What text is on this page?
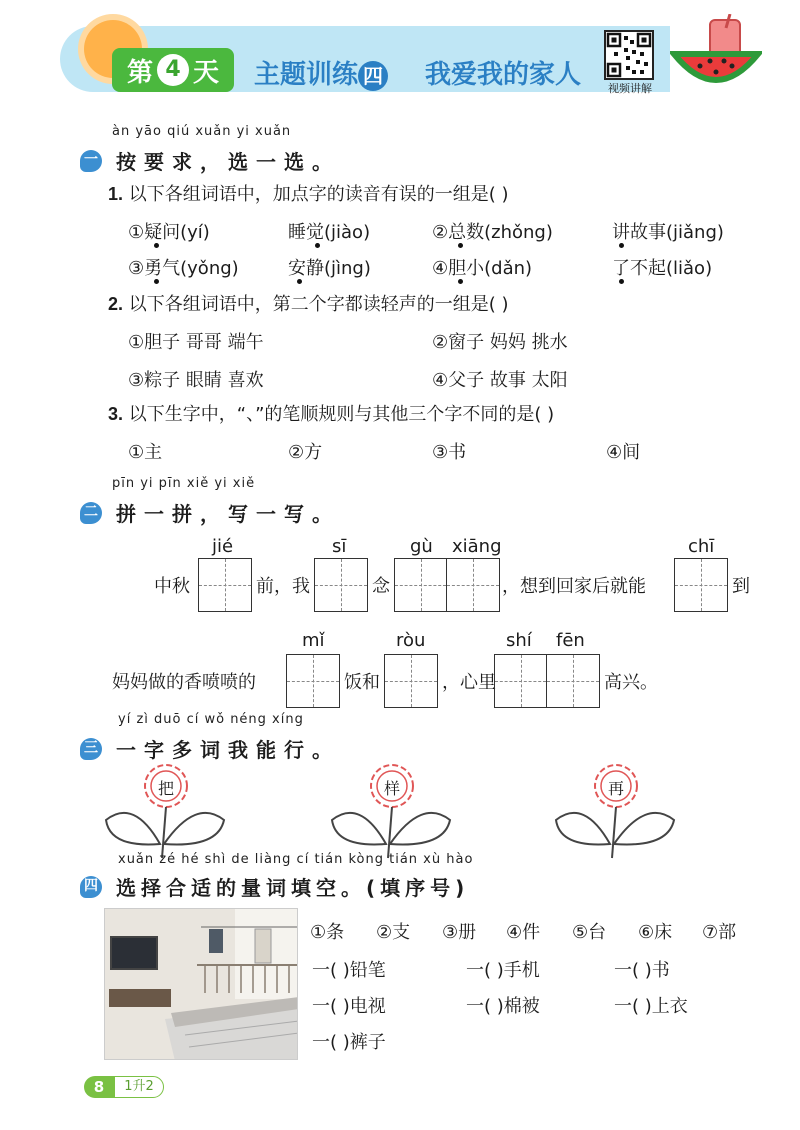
第 4 天 主题训练 四 我爱我的家人	视频讲解
àn yāo qiú xuǎn yi xuǎn
一 按要求，选一选。
1. 以下各组词语中，加点字的读音有误的一组是( )
①疑问(yí)	睡觉(jiào)	②总数(zhǒng)	讲故事(jiǎng)
③勇气(yǒng)	安静(jìng)	④胆小(dǎn)	了不起(liǎo)
2. 以下各组词语中，第二个字都读轻声的一组是( )
①胆子 哥哥 端午	②窗子 妈妈 挑水
③粽子 眼睛 喜欢	④父子 故事 太阳
3. 以下生字中，“、”的笔顺规则与其他三个字不同的是( )
①主	②方	③书	④间
pīn yi pīn xiě yi xiě
二 拼一拼，写一写。
jié	sī	gù xiāng	chī
中秋	前，我	念	，想到回家后就能	到
mǐ	ròu	shí fēn
妈妈做的香喷喷的	饭和	，心里	高兴。
yí zì duō cí wǒ néng xíng
三 一字多词我能行。
把	样	再
xuǎn zé hé shì de liàng cí tián kòng tián xù hào
四 选择合适的量词填空。(填序号)
①条 ②支 ③册 ④件 ⑤台 ⑥床 ⑦部
一( )铅笔	一( )手机	一( )书
一( )电视	一( )棉被	一( )上衣
一( )裤子
8	1升2
